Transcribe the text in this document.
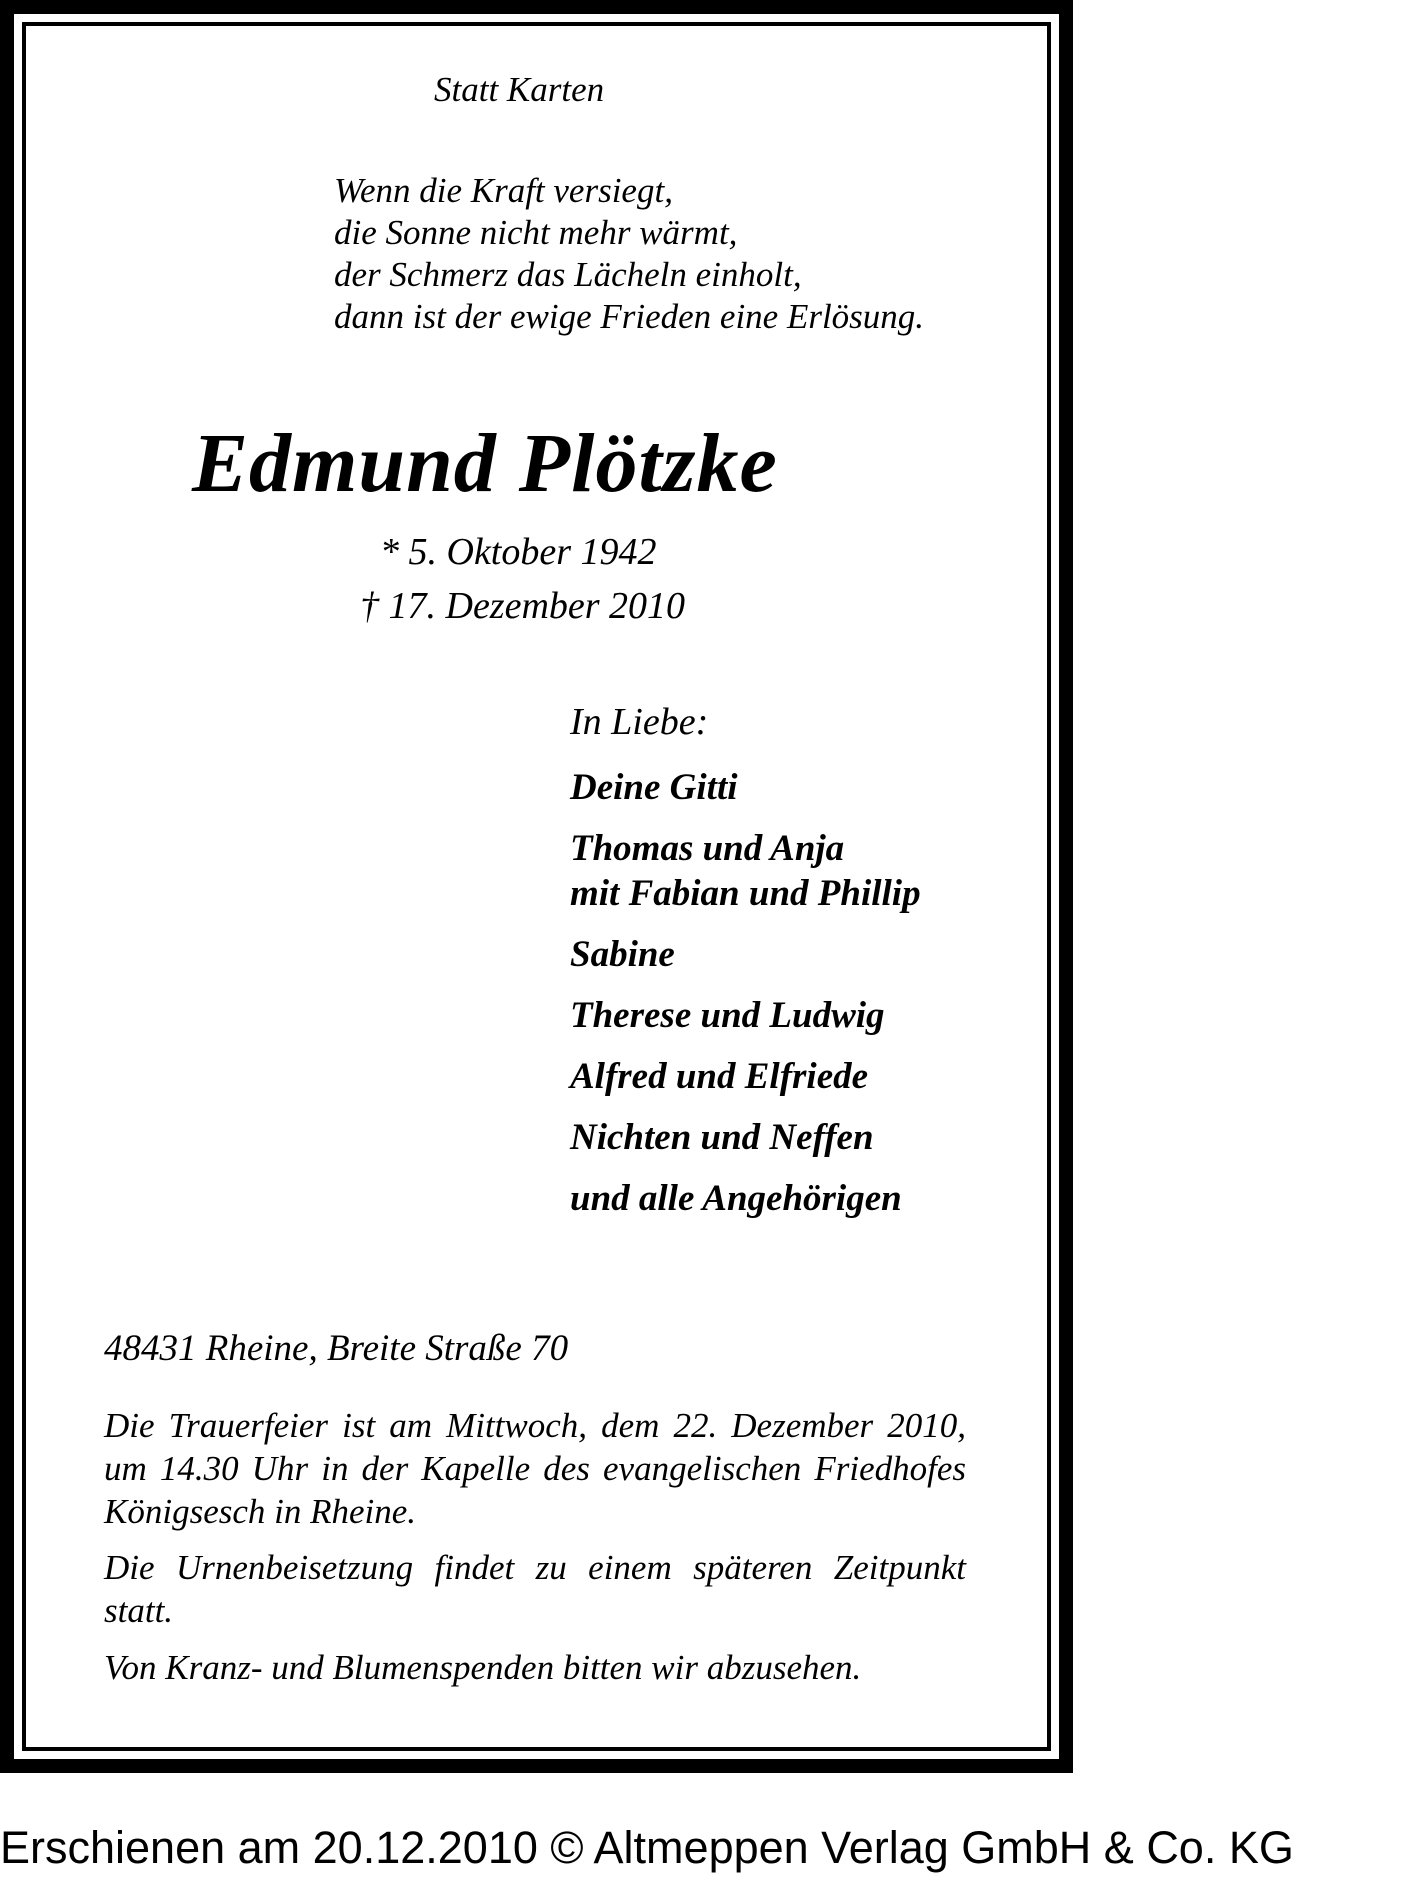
Statt Karten
Wenn die Kraft versiegt,
die Sonne nicht mehr wärmt,
der Schmerz das Lächeln einholt,
dann ist der ewige Frieden eine Erlösung.
Edmund Plötzke
* 5. Oktober 1942
† 17. Dezember 2010
In Liebe:
Deine Gitti
Thomas und Anja
mit Fabian und Phillip
Sabine
Therese und Ludwig
Alfred und Elfriede
Nichten und Neffen
und alle Angehörigen
48431 Rheine, Breite Straße 70
Die Trauerfeier ist am Mittwoch, dem 22. Dezember 2010, um 14.30 Uhr in der Kapelle des evangelischen Friedhofes Königsesch in Rheine.
Die Urnenbeisetzung findet zu einem späteren Zeitpunkt statt.
Von Kranz- und Blumenspenden bitten wir abzusehen.
Erschienen am 20.12.2010 © Altmeppen Verlag GmbH & Co. KG
